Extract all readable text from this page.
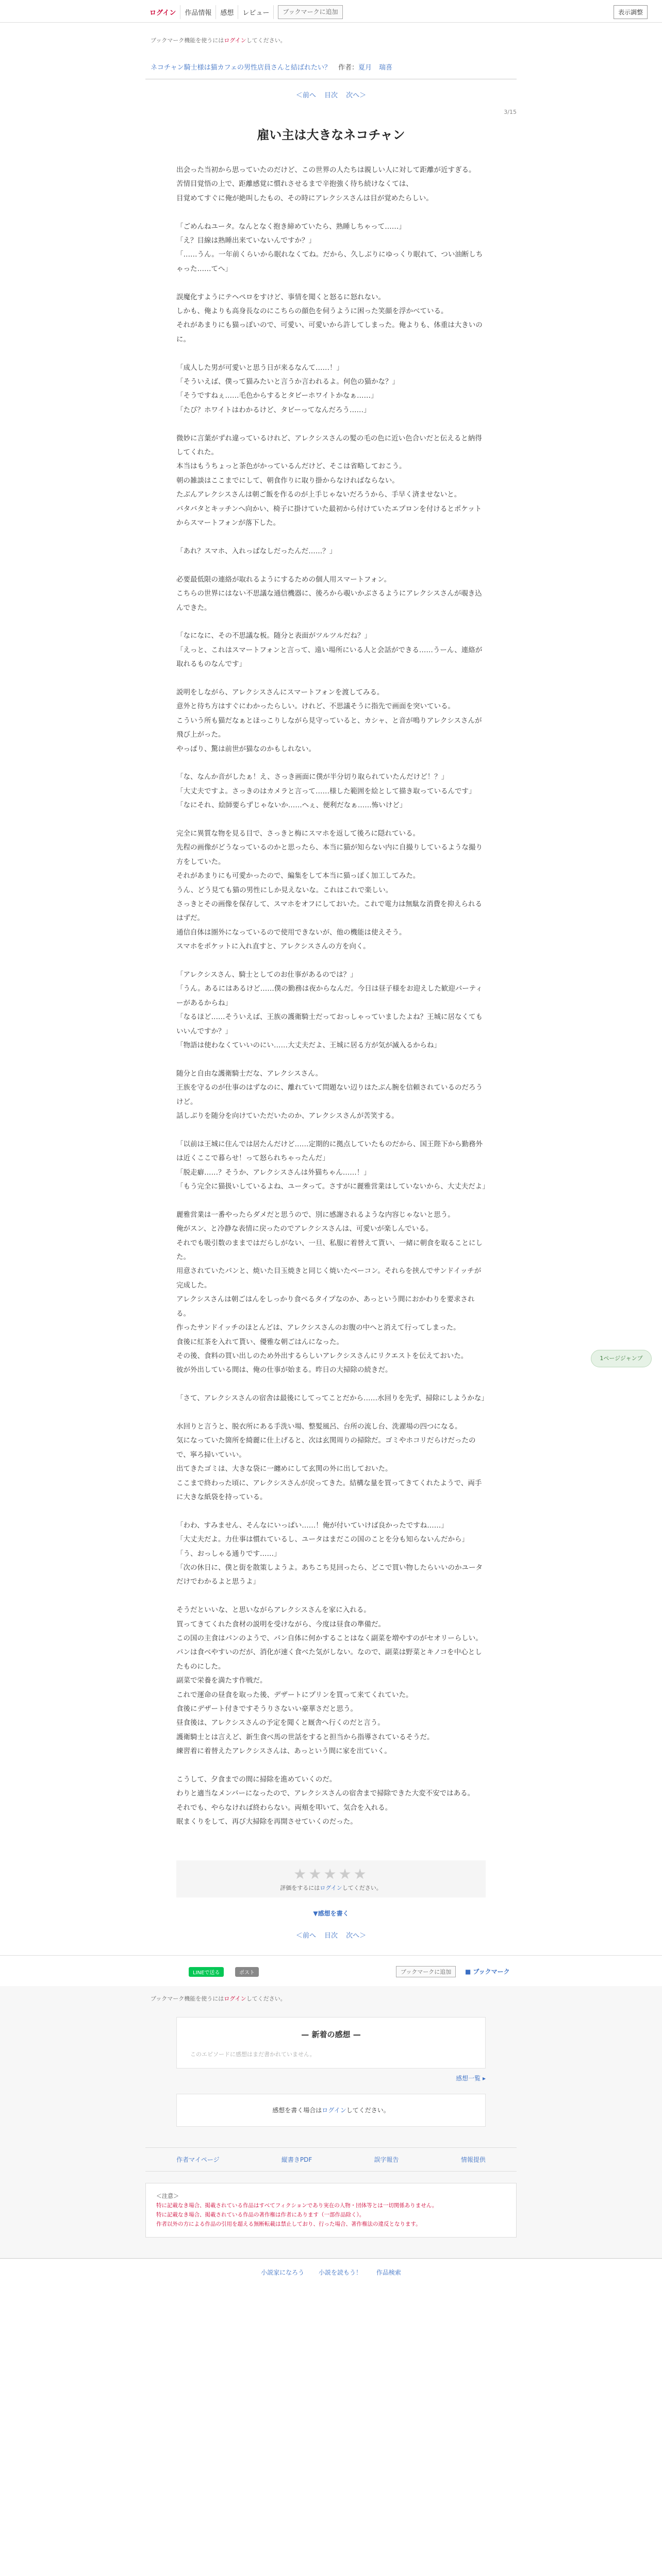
ログイン	作品情報	感想	レビュー	ブックマークに追加	表示調整
ブックマーク機能を使うにはログインしてください。
ネコチャン騎士様は猫カフェの男性店員さんと結ばれたい？ 作者：夏月 瑞喜
＜前へ 目次 次へ＞
3/15
雇い主は大きなネコチャン

出会った当初から思っていたのだけど、この世界の人たちは親しい人に対して距離が近すぎる。

苦情目覚悟の上で、距離感覚に慣れさせるまで辛抱強く待ち続けなくては、

目覚めてすぐに俺が絶叫したもの、その時にアレクシスさんは目が覚めたらしい。

「ごめんねユータ。なんとなく抱き締めていたら、熟睡しちゃって……」

「え？目線は熟睡出来ていないんですか？」

「……うん。一年前くらいから眠れなくてね。だから、久しぶりにゆっくり眠れて、つい油断しちゃった……てへ」

誤魔化すようにテヘペロをすけど、事情を聞くと怒るに怒れない。

しかも、俺よりも高身長なのにこちらの顔色を伺うように困った笑顔を浮かべている。

それがあまりにも猫っぽいので、可愛い、可愛いから許してしまった。俺よりも、体重は大きいのに。

「成人した男が可愛いと思う日が来るなんて……！」

「そういえば、僕って猫みたいと言うか言われるよ。何色の猫かな？」

「そうですねぇ……毛色からするとタビーホワイトかなぁ……」

「たび？ホワイトはわかるけど、タビーってなんだろう……」

微妙に言葉がずれ違っているけれど、アレクシスさんの髪の毛の色に近い色合いだと伝えると納得してくれた。

本当はもうちょっと茶色がかっているんだけど、そこは省略しておこう。

朝の雑談はここまでにして、朝食作りに取り掛からなければならない。

たぶんアレクシスさんは朝ご飯を作るのが上手じゃないだろうから、手早く済ませないと。

バタバタとキッチンへ向かい、椅子に掛けていた最初から付けていたエプロンを付けるとポケットからスマートフォンが落下した。

「あれ？スマホ、入れっぱなしだったんだ……？」

必要最低限の連絡が取れるようにするための個人用スマートフォン。

こちらの世界にはない不思議な通信機器に、後ろから覗いかぶさるようにアレクシスさんが覗き込んできた。

「なになに、その不思議な板。随分と表面がツルツルだね？」

「えっと、これはスマートフォンと言って、遠い場所にいる人と会話ができる……うーん、連絡が取れるものなんです」

説明をしながら、アレクシスさんにスマートフォンを渡してみる。

意外と待ち方はすぐにわかったらしい。けれど、不思議そうに指先で画面を突いている。

こういう所も猫だなぁとほっこりしながら見守っていると、カシャ、と音が鳴りアレクシスさんが飛び上がった。

やっぱり、驚は前世が猫なのかもしれない。

「な、なんか音がしたぁ！え、さっき画面に僕が半分切り取られていたんだけど！？」

「大丈夫ですよ。さっきのはカメラと言って……様した範囲を絵として描き取っているんです」

「なにそれ、絵師要らずじゃないか……へぇ、便利だなぁ……怖いけど」

完全に異質な物を見る目で、さっきと梅にスマホを返して後ろに隠れている。

先程の画像がどうなっているのかと思ったら、本当に猫が知らない内に自撮りしているような撮り方をしていた。

それがあまりにも可愛かったので、編集をして本当に猫っぽく加工してみた。

うん、どう見ても猫の男性にしか見えないな。これはこれで楽しい。

さっきとその画像を保存して、スマホをオフにしておいた。これで電力は無駄な消費を抑えられるはずだ。

通信自体は圏外になっているので使用できないが、他の機能は使えそう。

スマホをポケットに入れ直すと、アレクシスさんの方を向く。

「アレクシスさん、騎士としてのお仕事があるのでは？」

「うん。あるにはあるけど……僕の勤務は夜からなんだ。今日は昼子様をお迎えした歓迎パーティーがあるからね」

「なるほど……そういえば、王族の護衛騎士だっておっしゃっていましたよね？王城に居なくてもいいんですか？」

「物語は使わなくていいのにい……大丈夫だよ、王城に居る方が気が滅入るからね」

随分と自由な護衛騎士だな、アレクシスさん。

王族を守るのが仕事のはずなのに、離れていて問題ない辺りはたぶん腕を信頼されているのだろうけど。

話しぶりを随分を向けていただいたのか、アレクシスさんが苦笑する。

「以前は王城に住んでは居たんだけど……定期的に拠点していたものだから、国王陛下から勤務外は近くここで暮らせ！って怒られちゃったんだ」

「脱走癖……？そうか、アレクシスさんは外猫ちゃん……！」

「もう完全に猫扱いしているよね、ユータって。さすがに麗雅営業はしていないから、大丈夫だよ」

麗雅営業は一番やったらダメだと思うので、別に感謝されるような内容じゃないと思う。

俺がスン、と冷静な表情に戻ったのでアレクシスさんは、可愛いが楽しんでいる。

それでも吸引数のままではだらしがない、一旦、私服に着替えて貰い、一緒に朝食を取ることにした。

用意されていたパンと、焼いた目玉焼きと同じく焼いたベーコン。それらを挟んでサンドイッチが完成した。

アレクシスさんは朝ごはんをしっかり食べるタイプなのか、あっという間におかわりを要求される。

作ったサンドイッチのほとんどは、アレクシスさんのお腹の中へと消えて行ってしまった。

食後に紅茶を入れて貰い、優雅な朝ごはんになった。

その後、食料の買い出しのため外出するらしいアレクシスさんにリクエストを伝えておいた。

彼が外出している間は、俺の仕事が始まる。昨日の大掃除の続きだ。

「さて、アレクシスさんの宿舎は最後にしてってことだから……水回りを先ず、掃除にしようかな」

水回りと言うと、脱衣所にある手洗い場、整髪風呂、台所の流し台、洗濯場の四つになる。

気になっていた箇所を綺麗に仕上げると、次は玄関周りの掃除だ。ゴミやホコリだらけだったので、寧ろ掃いていい。

出てきたゴミは、大きな袋に一纏めにして玄関の外に出しておいた。

ここまで終わった頃に、アレクシスさんが戻ってきた。結構な量を買ってきてくれたようで、両手に大きな紙袋を持っている。

「わわ、すみません、そんなにいっぱい……！俺が付いていけば良かったですね……」

「大丈夫だよ。力仕事は慣れているし、ユータはまだこの国のことを分も知らないんだから」

「う、おっしゃる通りです……」

「次の休日に、僕と街を散策しようよ。あちこち見回ったら、どこで買い物したらいいのかユータだけでわかるよと思うよ」

そうだといいな、と思いながらアレクシスさんを家に入れる。

買ってきてくれた食材の説明を受けながら、今度は昼食の準備だ。

この国の主食はパンのようで、パン自体に何かすることはなく副菜を増やすのがセオリーらしい。

パンは食べやすいのだが、消化が速く食べた気がしない。なので、副菜は野菜とキノコを中心としたものにした。

副菜で栄養を満たす作戦だ。

これで運命の昼食を取った後、デザートにプリンを買って来てくれていた。

食後にデザート付きですそうりさないい豪華さだと思う。

昼食後は、アレクシスさんの予定を聞くと厩舎へ行くのだと言う。

護衛騎士とは言えど、新生食べ馬の世話をすると担当から指導されているそうだ。

練習着に着替えたアレクシスさんは、あっという間に家を出ていく。

こうして、夕食までの間に掃除を進めていくのだ。

わりと適当なメンバーになったので、アレクシスさんの宿舎まで掃除できた大変不安ではある。

それでも、やらなければ終わらない。両頬を叩いて、気合を入れる。

眠まくりをして、再び大掃除を再開させていくのだった。

★★★★★
評価をするにはログインしてください。
▼感想を書く
＜前へ 目次 次へ＞
LINEで送る	ポスト	ブックマークに追加	■ ブックマーク
ブックマーク機能を使うにはログインしてください。
— 新着の感想 —
このエピソードに感想はまだ書かれていません。
感想一覧 ▸
感想を書く場合はログインしてください。
作者マイページ	縦書きPDF	誤字報告	情報提供
＜注意＞
特に記載なき場合、掲載されている作品はすべてフィクションであり実在の人物・団体等とは一切関係ありません。
特に記載なき場合、掲載されている作品の著作権は作者にあります（一部作品除く）。
作者以外の方による作品の引用を超える無断転載は禁止しており、行った場合、著作権法の違反となります。
小説家になろう 小説を読もう！ 作品検索
1ページジャンプ
